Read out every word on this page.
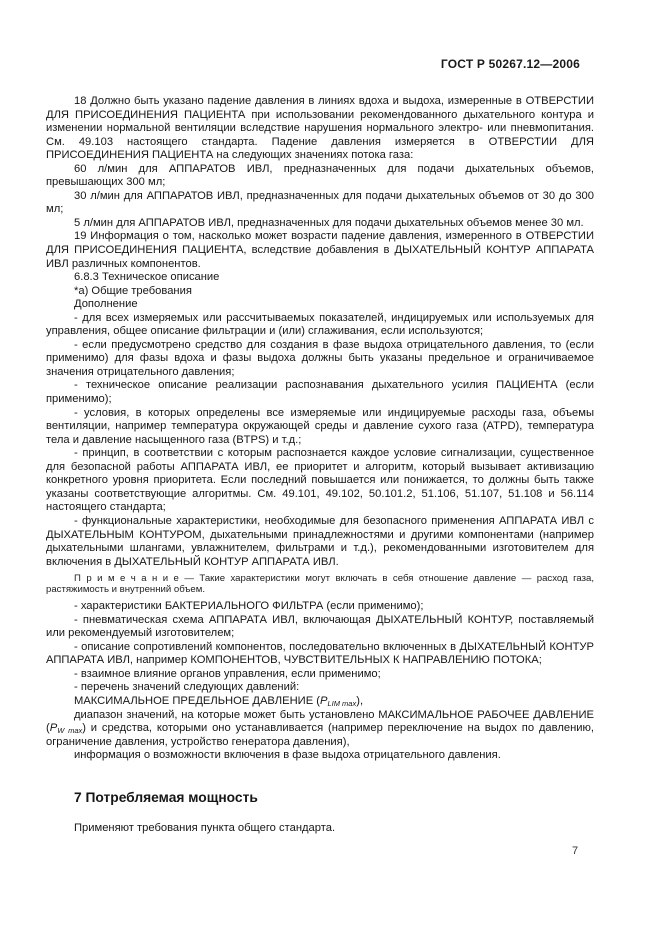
ГОСТ Р 50267.12—2006

18 Должно быть указано падение давления в линиях вдоха и выдоха, измеренные в ОТВЕРСТИИ ДЛЯ ПРИСОЕДИНЕНИЯ ПАЦИЕНТА при использовании рекомендованного дыхательного контура и изменении нормальной вентиляции вследствие нарушения нормального электро- или пневмопитания. См. 49.103 настоящего стандарта. Падение давления измеряется в ОТВЕРСТИИ ДЛЯ ПРИСОЕДИНЕНИЯ ПАЦИЕНТА на следующих значениях потока газа:

60 л/мин для АППАРАТОВ ИВЛ, предназначенных для подачи дыхательных объемов, превышающих 300 мл;

30 л/мин для АППАРАТОВ ИВЛ, предназначенных для подачи дыхательных объемов от 30 до 300 мл;

5 л/мин для АППАРАТОВ ИВЛ, предназначенных для подачи дыхательных объемов менее 30 мл.

19 Информация о том, насколько может возрасти падение давления, измеренного в ОТВЕРСТИИ ДЛЯ ПРИСОЕДИНЕНИЯ ПАЦИЕНТА, вследствие добавления в ДЫХАТЕЛЬНЫЙ КОНТУР АППАРАТА ИВЛ различных компонентов.

6.8.3 Техническое описание

*а) Общие требования

Дополнение

- для всех измеряемых или рассчитываемых показателей, индицируемых или используемых для управления, общее описание фильтрации и (или) сглаживания, если используются;

- если предусмотрено средство для создания в фазе выдоха отрицательного давления, то (если применимо) для фазы вдоха и фазы выдоха должны быть указаны предельное и ограничиваемое значения отрицательного давления;

- техническое описание реализации распознавания дыхательного усилия ПАЦИЕНТА (если применимо);

- условия, в которых определены все измеряемые или индицируемые расходы газа, объемы вентиляции, например температура окружающей среды и давление сухого газа (ATPD), температура тела и давление насыщенного газа (BTPS) и т.д.;

- принцип, в соответствии с которым распознается каждое условие сигнализации, существенное для безопасной работы АППАРАТА ИВЛ, ее приоритет и алгоритм, который вызывает активизацию конкретного уровня приоритета. Если последний повышается или понижается, то должны быть также указаны соответствующие алгоритмы. См. 49.101, 49.102, 50.101.2, 51.106, 51.107, 51.108 и 56.114 настоящего стандарта;

- функциональные характеристики, необходимые для безопасного применения АППАРАТА ИВЛ с ДЫХАТЕЛЬНЫМ КОНТУРОМ, дыхательными принадлежностями и другими компонентами (например дыхательными шлангами, увлажнителем, фильтрами и т.д.), рекомендованными изготовителем для включения в ДЫХАТЕЛЬНЫЙ КОНТУР АППАРАТА ИВЛ.

П р и м е ч а н и е — Такие характеристики могут включать в себя отношение давление — расход газа, растяжимость и внутренний объем.

- характеристики БАКТЕРИАЛЬНОГО ФИЛЬТРА (если применимо);

- пневматическая схема АППАРАТА ИВЛ, включающая ДЫХАТЕЛЬНЫЙ КОНТУР, поставляемый или рекомендуемый изготовителем;

- описание сопротивлений компонентов, последовательно включенных в ДЫХАТЕЛЬНЫЙ КОНТУР АППАРАТА ИВЛ, например КОМПОНЕНТОВ, ЧУВСТВИТЕЛЬНЫХ К НАПРАВЛЕНИЮ ПОТОКА;

- взаимное влияние органов управления, если применимо;

- перечень значений следующих давлений:

МАКСИМАЛЬНОЕ ПРЕДЕЛЬНОЕ ДАВЛЕНИЕ $(P_{LIM max})$,

диапазон значений, на которые может быть установлено МАКСИМАЛЬНОЕ РАБОЧЕЕ ДАВЛЕНИЕ $(P_{W max})$ и средства, которыми оно устанавливается (например переключение на выдох по давлению, ограничение давления, устройство генератора давления),

информация о возможности включения в фазе выдоха отрицательного давления.

7 Потребляемая мощность

Применяют требования пункта общего стандарта.

7
